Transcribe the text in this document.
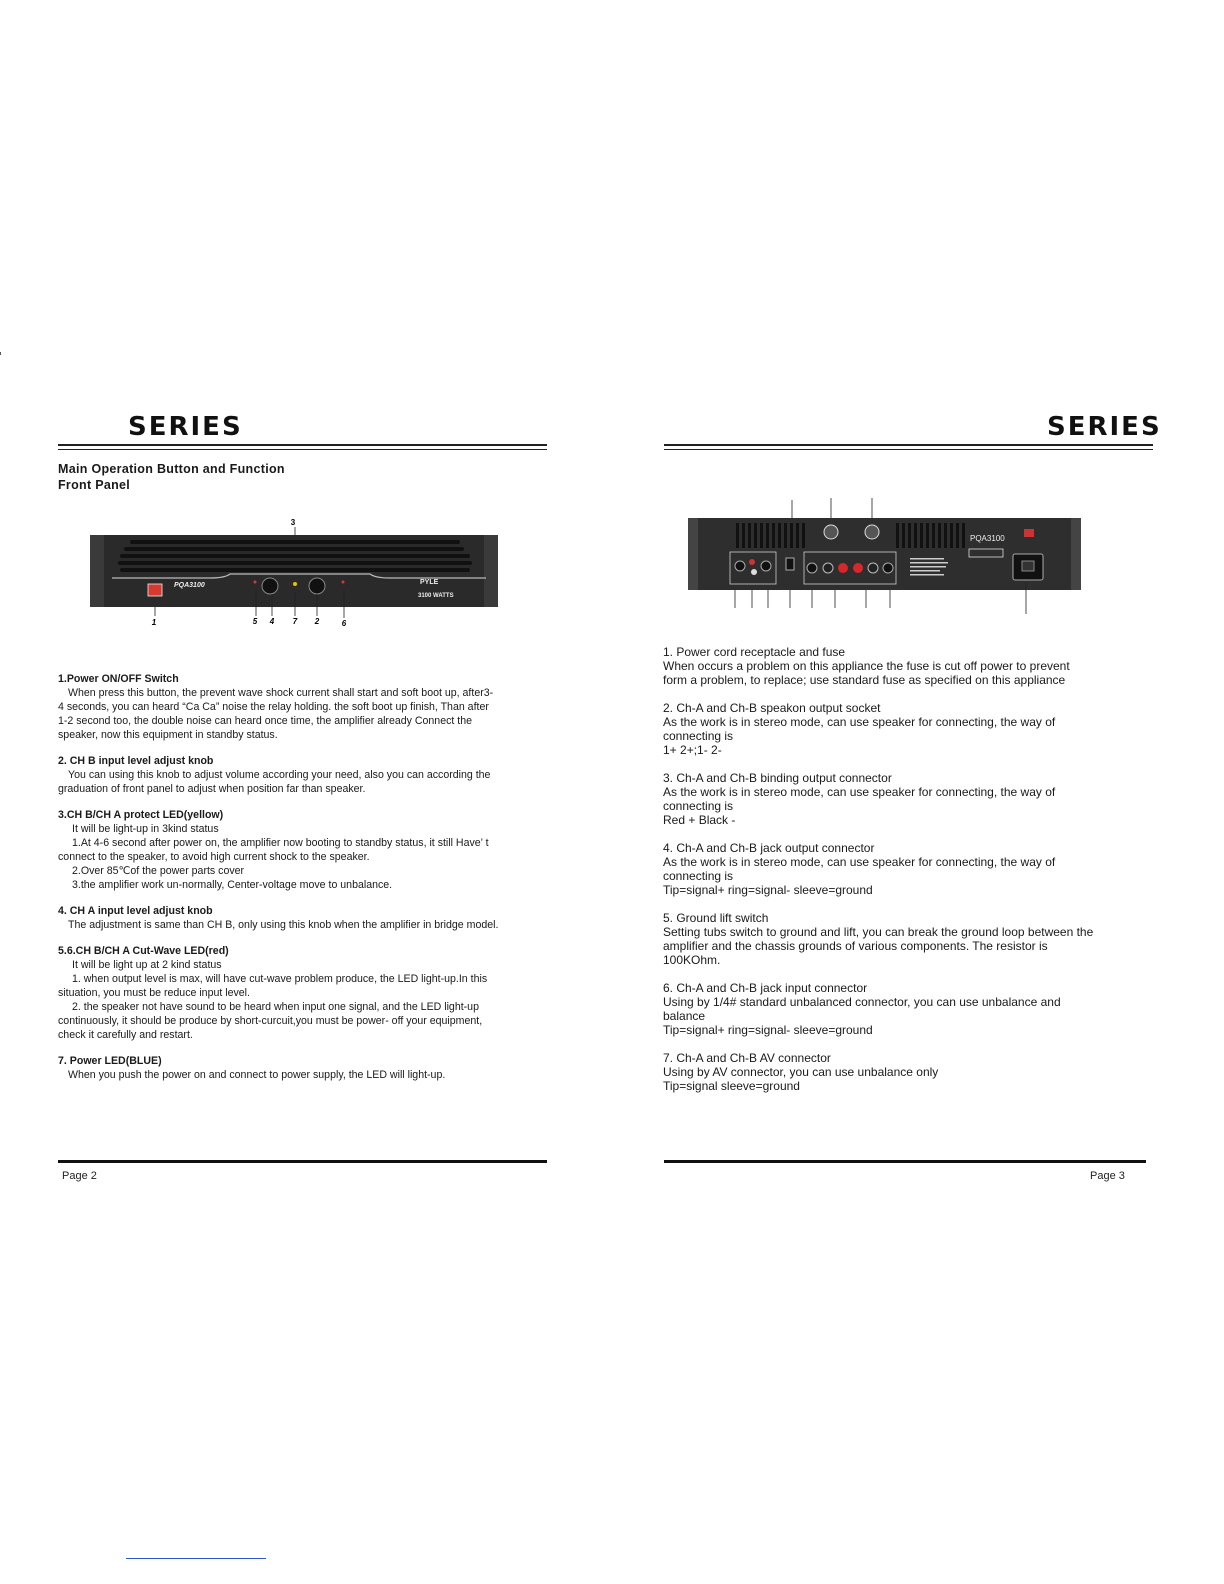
SERIES
Main Operation Button and Function
Front Panel
3
PQA3100	PYLE
3100 WATTS
1	5 4 7 2	6
1.Power ON/OFF Switch
When press this button, the prevent wave shock current shall start and soft boot up, after3-
4 seconds, you can heard “Ca Ca” noise the relay holding. the soft boot up finish, Than after
1-2 second too, the double noise can heard once time, the amplifier already Connect the
speaker, now this equipment in standby status.
2. CH B input level adjust knob
You can using this knob to adjust volume according your need, also you can according the
graduation of front panel to adjust when position far than speaker.
3.CH B/CH A protect LED(yellow)
It will be light-up in 3kind status
1.At 4-6 second after power on, the amplifier now booting to standby status, it still Have’ t
connect to the speaker, to avoid high current shock to the speaker.
2.Over 85℃of the power parts cover
3.the amplifier work un-normally, Center-voltage move to unbalance.
4. CH A input level adjust knob
The adjustment is same than CH B, only using this knob when the amplifier in bridge model.
5.6.CH B/CH A Cut-Wave LED(red)
It will be light up at 2 kind status
1. when output level is max, will have cut-wave problem produce, the LED light-up.In this
situation, you must be reduce input level.
2. the speaker not have sound to be heard when input one signal, and the LED light-up
continuously, it should be produce by short-curcuit,you must be power- off your equipment,
check it carefully and restart.
7. Power LED(BLUE)
When you push the power on and connect to power supply, the LED will light-up.
Page 2
SERIES
PQA3100
1. Power cord receptacle and fuse
When occurs a problem on this appliance the fuse is cut off power to prevent
form a problem, to replace; use standard fuse as specified on this appliance
2. Ch-A and Ch-B speakon output socket
As the work is in stereo mode, can use speaker for connecting, the way of
connecting is
1+ 2+;1- 2-
3. Ch-A and Ch-B binding output connector
As the work is in stereo mode, can use speaker for connecting, the way of
connecting is
Red + Black -
4. Ch-A and Ch-B jack output connector
As the work is in stereo mode, can use speaker for connecting, the way of
connecting is
Tip=signal+ ring=signal- sleeve=ground
5. Ground lift switch
Setting tubs switch to ground and lift, you can break the ground loop between the
amplifier and the chassis grounds of various components. The resistor is
100KOhm.
6. Ch-A and Ch-B jack input connector
Using by 1/4# standard unbalanced connector, you can use unbalance and
balance
Tip=signal+ ring=signal- sleeve=ground
7. Ch-A and Ch-B AV connector
Using by AV connector, you can use unbalance only
Tip=signal sleeve=ground
Page 3
